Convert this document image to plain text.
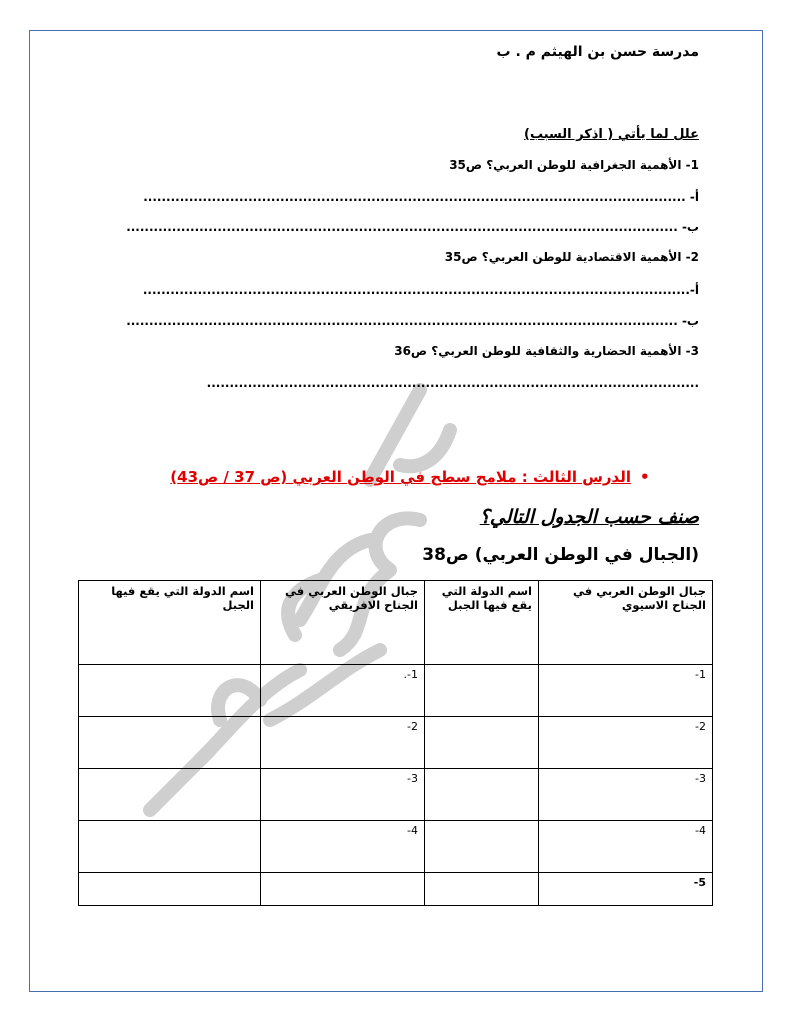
مدرسة حسن بن الهيثم م . ب
علل لما يأتي ( اذكر السبب)
1- الأهمية الجغرافية للوطن العربي؟ ص35
أ- .......................................................................................................................
ب- .........................................................................................................................
2- الأهمية الاقتصادية للوطن العربي؟ ص35
أ-........................................................................................................................
ب- .........................................................................................................................
3- الأهمية الحضارية والثقافية للوطن العربي؟ ص36
............................................................................................................
•
الدرس الثالث : ملامح سطح في الوطن العربي (ص 37 / ص43)
صنف حسب الجدول التالي؟
(الجبال في الوطن العربي) ص38
جبال الوطن العربي في الجناح الاسيوي	اسم الدولة التي يقع فيها الجبل	جبال الوطن العربي في الجناح الافريقي	اسم الدولة التي يقع فيها الجبل
1-		1-.	
2-		2-	
3-		3-	
4-		4-	
5-			
